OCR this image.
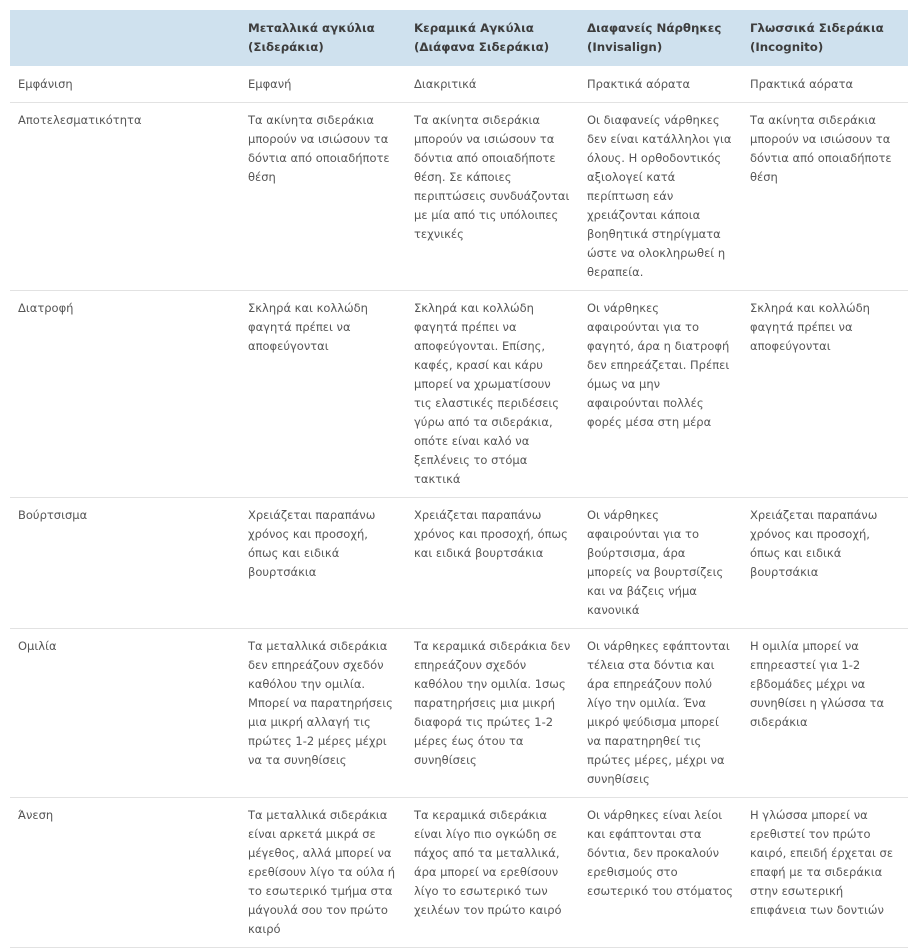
	Μεταλλικά αγκύλια (Σιδεράκια)	Κεραμικά Αγκύλια (Διάφανα Σιδεράκια)	Διαφανείς Νάρθηκες (Invisalign)	Γλωσσικά Σιδεράκια (Incognito)
Εμφάνιση	Εμφανή	Διακριτικά	Πρακτικά αόρατα	Πρακτικά αόρατα
Αποτελεσματικότητα	Τα ακίνητα σιδεράκια μπορούν να ισιώσουν τα δόντια από οποιαδήποτε θέση	Τα ακίνητα σιδεράκια μπορούν να ισιώσουν τα δόντια από οποιαδήποτε θέση. Σε κάποιες περιπτώσεις συνδυάζονται με μία από τις υπόλοιπες τεχνικές	Οι διαφανείς νάρθηκες δεν είναι κατάλληλοι για όλους. Η ορθοδοντικός αξιολογεί κατά περίπτωση εάν χρειάζονται κάποια βοηθητικά στηρίγματα ώστε να ολοκληρωθεί η θεραπεία.	Τα ακίνητα σιδεράκια μπορούν να ισιώσουν τα δόντια από οποιαδήποτε θέση
Διατροφή	Σκληρά και κολλώδη φαγητά πρέπει να αποφεύγονται	Σκληρά και κολλώδη φαγητά πρέπει να αποφεύγονται. Επίσης, καφές, κρασί και κάρυ μπορεί να χρωματίσουν τις ελαστικές περιδέσεις γύρω από τα σιδεράκια, οπότε είναι καλό να ξεπλένεις το στόμα τακτικά	Οι νάρθηκες αφαιρούνται για το φαγητό, άρα η διατροφή δεν επηρεάζεται. Πρέπει όμως να μην αφαιρούνται πολλές φορές μέσα στη μέρα	Σκληρά και κολλώδη φαγητά πρέπει να αποφεύγονται
Βούρτσισμα	Χρειάζεται παραπάνω χρόνος και προσοχή, όπως και ειδικά βουρτσάκια	Χρειάζεται παραπάνω χρόνος και προσοχή, όπως και ειδικά βουρτσάκια	Οι νάρθηκες αφαιρούνται για το βούρτσισμα, άρα μπορείς να βουρτσίζεις και να βάζεις νήμα κανονικά	Χρειάζεται παραπάνω χρόνος και προσοχή, όπως και ειδικά βουρτσάκια
Ομιλία	Τα μεταλλικά σιδεράκια δεν επηρεάζουν σχεδόν καθόλου την ομιλία. Μπορεί να παρατηρήσεις μια μικρή αλλαγή τις πρώτες 1-2 μέρες μέχρι να τα συνηθίσεις	Τα κεραμικά σιδεράκια δεν επηρεάζουν σχεδόν καθόλου την ομιλία. 1σως παρατηρήσεις μια μικρή διαφορά τις πρώτες 1-2 μέρες έως ότου τα συνηθίσεις	Οι νάρθηκες εφάπτονται τέλεια στα δόντια και άρα επηρεάζουν πολύ λίγο την ομιλία. Ένα μικρό ψεύδισμα μπορεί να παρατηρηθεί τις πρώτες μέρες, μέχρι να συνηθίσεις	Η ομιλία μπορεί να επηρεαστεί για 1-2 εβδομάδες μέχρι να συνηθίσει η γλώσσα τα σιδεράκια
Άνεση	Τα μεταλλικά σιδεράκια είναι αρκετά μικρά σε μέγεθος, αλλά μπορεί να ερεθίσουν λίγο τα ούλα ή το εσωτερικό τμήμα στα μάγουλά σου τον πρώτο καιρό	Τα κεραμικά σιδεράκια είναι λίγο πιο ογκώδη σε πάχος από τα μεταλλικά, άρα μπορεί να ερεθίσουν λίγο το εσωτερικό των χειλέων τον πρώτο καιρό	Οι νάρθηκες είναι λείοι και εφάπτονται στα δόντια, δεν προκαλούν ερεθισμούς στο εσωτερικό του στόματος	Η γλώσσα μπορεί να ερεθιστεί τον πρώτο καιρό, επειδή έρχεται σε επαφή με τα σιδεράκια στην εσωτερική επιφάνεια των δοντιών
